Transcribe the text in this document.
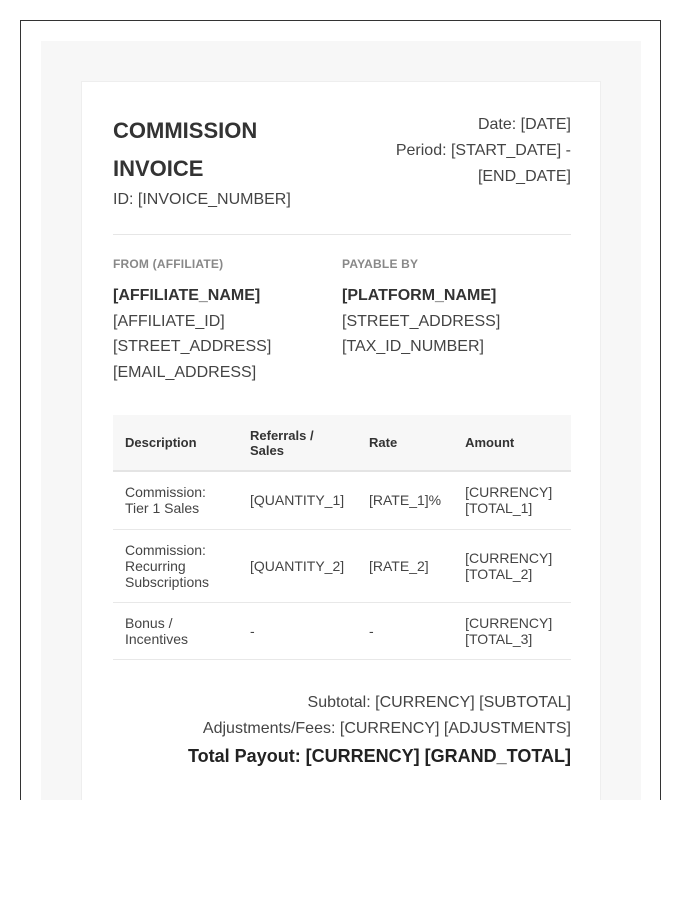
COMMISSION
INVOICE
ID: [INVOICE_NUMBER]
Date: [DATE]
Period: [START_DATE] -
[END_DATE]
FROM (AFFILIATE)
[AFFILIATE_NAME]
[AFFILIATE_ID]
[STREET_ADDRESS]
[EMAIL_ADDRESS]
PAYABLE BY
[PLATFORM_NAME]
[STREET_ADDRESS]
[TAX_ID_NUMBER]
Description	Referrals / Sales	Rate	Amount
Commission: Tier 1 Sales	[QUANTITY_1]	[RATE_1]%	[CURRENCY] [TOTAL_1]
Commission: Recurring Subscriptions	[QUANTITY_2]	[RATE_2]	[CURRENCY] [TOTAL_2]
Bonus / Incentives	-	-	[CURRENCY] [TOTAL_3]
Subtotal: [CURRENCY] [SUBTOTAL]
Adjustments/Fees: [CURRENCY] [ADJUSTMENTS]
Total Payout: [CURRENCY] [GRAND_TOTAL]
